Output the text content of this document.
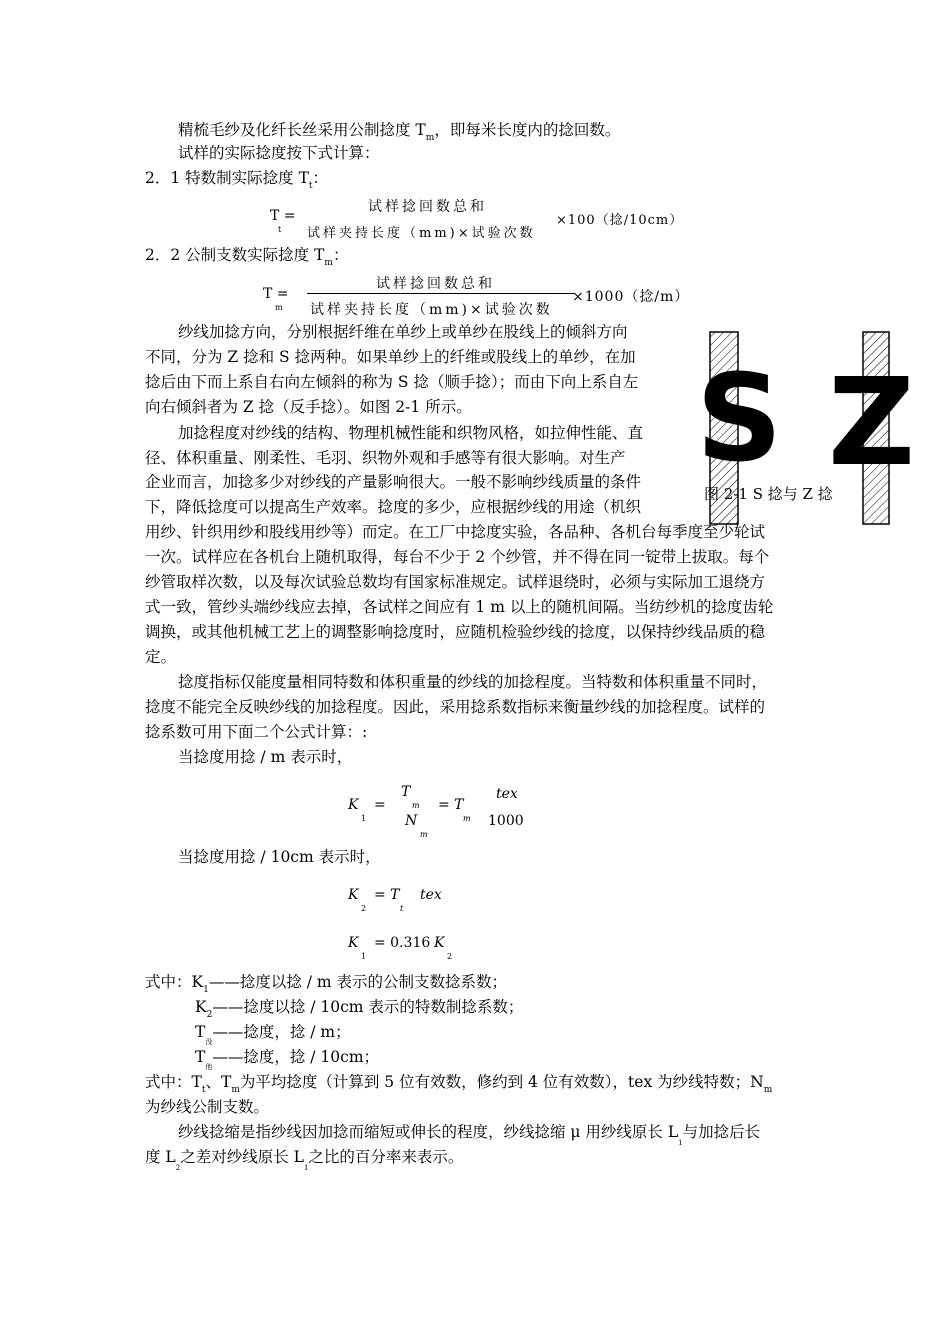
精梳毛纱及化纤长丝采用公制捻度 $T_m$，即每米长度内的捻回数。
试样的实际捻度按下式计算：
2．1 特数制实际捻度 $T_t$：
T =
t
试样捻回数总和
试样夹持长度（mm)×试验次数
×100（捻/10cm）
2．2 公制支数实际捻度 $T_m$：
T =
m
试样捻回数总和
试样夹持长度（mm)×试验次数
×1000（捻/m）
纱线加捻方向，分别根据纤维在单纱上或单纱在股线上的倾斜方向
不同，分为 Z 捻和 S 捻两种。如果单纱上的纤维或股线上的单纱，在加
捻后由下而上系自右向左倾斜的称为 S 捻（顺手捻）；而由下向上系自左
向右倾斜者为 Z 捻（反手捻）。如图 2-1 所示。 S Z
图 2-1 S 捻与 Z 捻
加捻程度对纱线的结构、物理机械性能和织物风格，如拉伸性能、直
径、体积重量、刚柔性、毛羽、织物外观和手感等有很大影响。对生产
企业而言，加捻多少对纱线的产量影响很大。一般不影响纱线质量的条件
下，降低捻度可以提高生产效率。捻度的多少，应根据纱线的用途（机织
用纱、针织用纱和股线用纱等）而定。在工厂中捻度实验，各品种、各机台每季度至少轮试
一次。试样应在各机台上随机取得，每台不少于 2 个纱管，并不得在同一锭带上拔取。每个
纱管取样次数，以及每次试验总数均有国家标准规定。试样退绕时，必须与实际加工退绕方
式一致，管纱头端纱线应去掉，各试样之间应有 1 m 以上的随机间隔。当纺纱机的捻度齿轮
调换，或其他机械工艺上的调整影响捻度时，应随机检验纱线的捻度，以保持纱线品质的稳
定。
捻度指标仅能度量相同特数和体积重量的纱线的加捻程度。当特数和体积重量不同时，
捻度不能完全反映纱线的加捻程度。因此，采用捻系数指标来衡量纱线的加捻程度。试样的
捻系数可用下面二个公式计算：:
当捻度用捻 / m 表示时，
K
1
=
T
m
N
m
= T
m
tex
1000
当捻度用捻 / 10cm 表示时，
K
2
= T
t
tex
K
1
= 0.316 K
2
式中：$K_1——$捻度以捻 / m 表示的公制支数捻系数；
$K_2——$捻度以捻 / 10cm 表示的特数制捻系数；
$T_没——$捻度，捻 / m；
$T_他——$捻度，捻 / 10cm；
式中：$T_t$、$T_m$为平均捻度（计算到 5 位有效数，修约到 4 位有效数），tex 为纱线特数；$N_m$
为纱线公制支数。
纱线捻缩是指纱线因加捻而缩短或伸长的程度，纱线捻缩 μ 用纱线原长 $L_1$与加捻后长
度 $L_2$之差对纱线原长 $L_1$之比的百分率来表示。
